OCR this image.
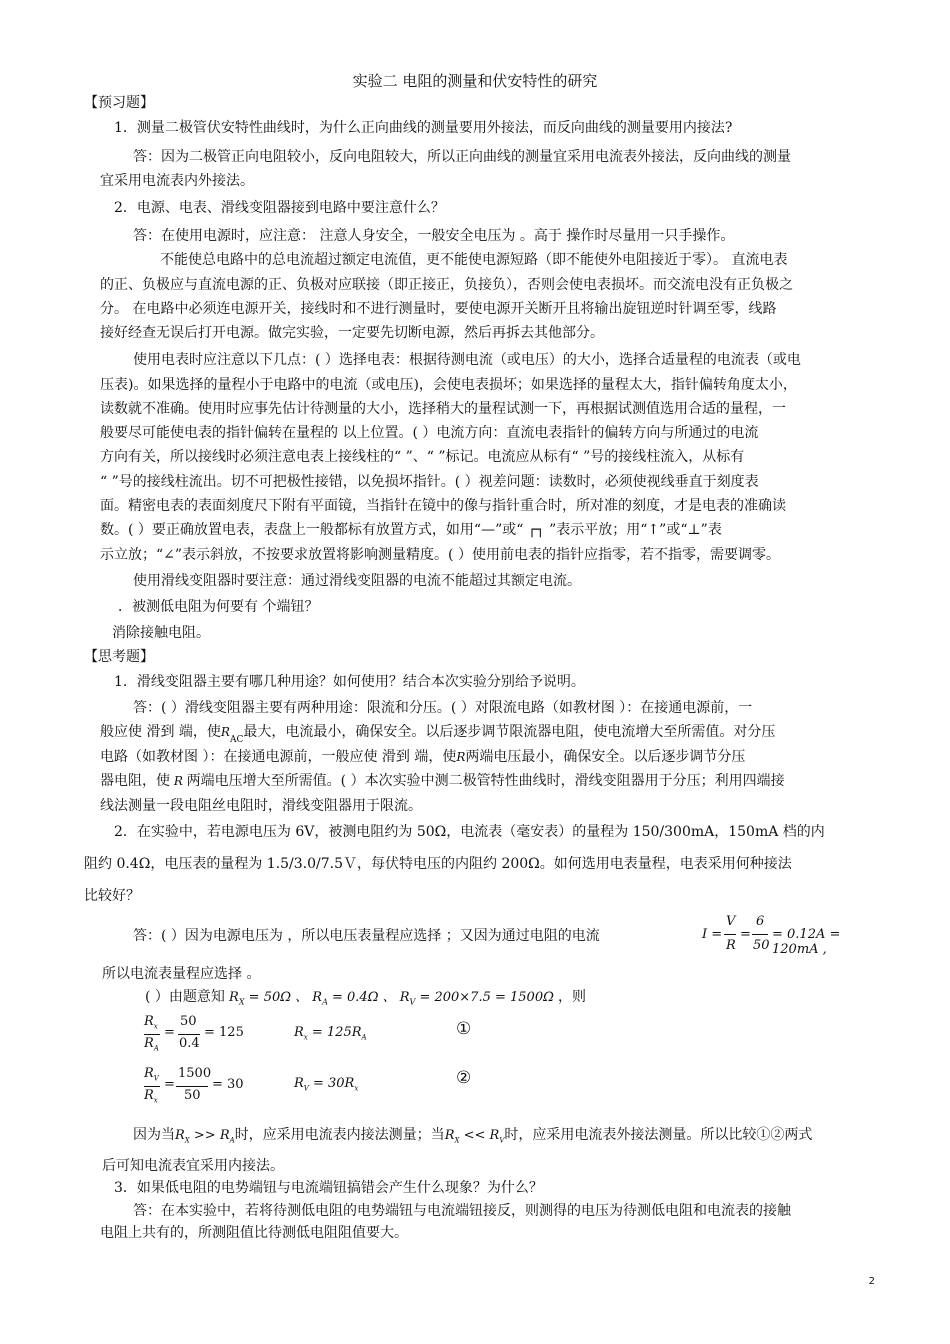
实验二 电阻的测量和伏安特性的研究
【预习题】
1．测量二极管伏安特性曲线时，为什么正向曲线的测量要用外接法，而反向曲线的测量要用内接法?
答：因为二极管正向电阻较小，反向电阻较大，所以正向曲线的测量宜采用电流表外接法，反向曲线的测量
宜采用电流表内外接法。
2．电源、电表、滑线变阻器接到电路中要注意什么？
答：在使用电源时，应注意： 注意人身安全，一般安全电压为 。高于 操作时尽量用一只手操作。
不能使总电路中的总电流超过额定电流值，更不能使电源短路（即不能使外电阻接近于零）。 直流电表
的正、负极应与直流电源的正、负极对应联接（即正接正，负接负），否则会使电表损坏。而交流电没有正负极之
分。 在电路中必须连电源开关，接线时和不进行测量时，要使电源开关断开且将输出旋钮逆时针调至零，线路
接好经查无误后打开电源。做完实验，一定要先切断电源，然后再拆去其他部分。
使用电表时应注意以下几点：( ）选择电表：根据待测电流（或电压）的大小，选择合适量程的电流表（或电
压表)。如果选择的量程小于电路中的电流（或电压)，会使电表损坏；如果选择的量程太大，指针偏转角度太小，
读数就不准确。使用时应事先估计待测量的大小，选择稍大的量程试测一下，再根据试测值选用合适的量程，一
般要尽可能使电表的指针偏转在量程的 以上位置。( ）电流方向：直流电表指针的偏转方向与所通过的电流
方向有关，所以接线时必须注意电表上接线柱的“ ”、“ ”标记。电流应从标有“ ”号的接线柱流入，从标有
“ ”号的接线柱流出。切不可把极性接错，以免损坏指针。( ）视差问题：读数时，必须使视线垂直于刻度表
面。精密电表的表面刻度尺下附有平面镜，当指针在镜中的像与指针重合时，所对准的刻度，才是电表的准确读
数。( ）要正确放置电表，表盘上一般都标有放置方式，如用“—”或“ ┌┐ ”表示平放；用“↑”或“⊥”表
示立放；“∠”表示斜放，不按要求放置将影响测量精度。( ）使用前电表的指针应指零，若不指零，需要调零。
使用滑线变阻器时要注意：通过滑线变阻器的电流不能超过其额定电流。
．被测低电阻为何要有 个端钮？
消除接触电阻。
【思考题】
1．滑线变阻器主要有哪几种用途？如何使用？结合本次实验分别给予说明。
答：( ）滑线变阻器主要有两种用途：限流和分压。( ）对限流电路（如教材图 ）：在接通电源前，一
般应使 滑到 端，使$R_{AC}$最大，电流最小，确保安全。以后逐步调节限流器电阻，使电流增大至所需值。对分压
电路（如教材图 ）：在接通电源前，一般应使 滑到 端，使R两端电压最小，确保安全。以后逐步调节分压
器电阻，使 R 两端电压增大至所需值。( ）本次实验中测二极管特性曲线时，滑线变阻器用于分压；利用四端接
线法测量一段电阻丝电阻时，滑线变阻器用于限流。
2．在实验中，若电源电压为 6V，被测电阻约为 50Ω，电流表（毫安表）的量程为 150/300mA，150mA 档的内
阻约 0.4Ω，电压表的量程为 1.5/3.0/7.5Ｖ，每伏特电压的内阻约 200Ω。如何选用电表量程，电表采用何种接法
比较好？
答：( ）因为电源电压为 ，所以电压表量程应选择 ；又因为通过电阻的电流	I =
V
R
=
6
50
= 0.12A = 120mA ,
所以电流表量程应选择 。
( ）由题意知 $R_X = 50\Omega$ 、 $R_A = 0.4\Omega$ 、 $R_V = 200\times 7.5 = 1500\Omega$ ，则
$R_x$
$R_A$
=
50
0.4
= 125	$R_x = 125R_A$	①
$R_V$
$R_x$
=
1500
50
= 30	$R_V = 30R_x$
②
因为当$R_X >> R_A$时，应采用电流表内接法测量；当$R_X << R_V$时，应采用电流表外接法测量。所以比较①②两式
后可知电流表宜采用内接法。
3．如果低电阻的电势端钮与电流端钮搞错会产生什么现象？为什么？
答：在本实验中，若将待测低电阻的电势端钮与电流端钮接反，则测得的电压为待测低电阻和电流表的接触
电阻上共有的，所测阻值比待测低电阻阻值要大。
2
